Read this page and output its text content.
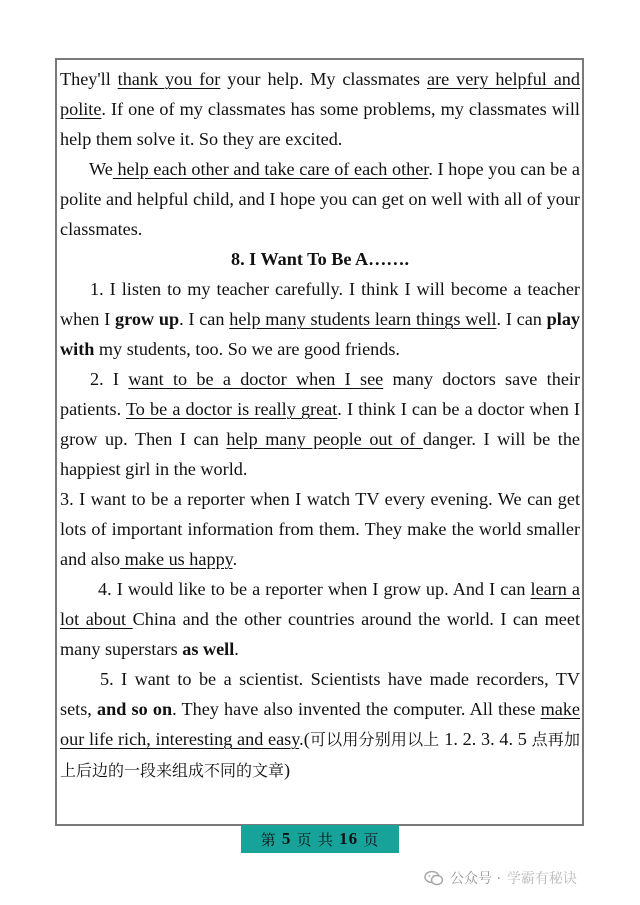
They'll thank you for your help. My classmates are very helpful and polite. If one of my classmates has some problems, my classmates will help them solve it. So they are excited.

We help each other and take care of each other. I hope you can be a polite and helpful child, and I hope you can get on well with all of your classmates.

8. I Want To Be A…….

1. I listen to my teacher carefully. I think I will become a teacher when I grow up. I can help many students learn things well. I can play with my students, too. So we are good friends.

2. I want to be a doctor when I see many doctors save their patients. To be a doctor is really great. I think I can be a doctor when I grow up. Then I can help many people out of danger. I will be the happiest girl in the world.

3. I want to be a reporter when I watch TV every evening. We can get lots of important information from them. They make the world smaller and also make us happy.

4. I would like to be a reporter when I grow up. And I can learn a lot about China and the other countries around the world. I can meet many superstars as well.

5. I want to be a scientist. Scientists have made recorders, TV sets, and so on. They have also invented the computer. All these make our life rich, interesting and easy.(可以用分别用以上 1. 2. 3. 4. 5 点再加上后边的一段来组成不同的文章)

第
5
页
共
16
页
公众号 · 学霸有秘诀
